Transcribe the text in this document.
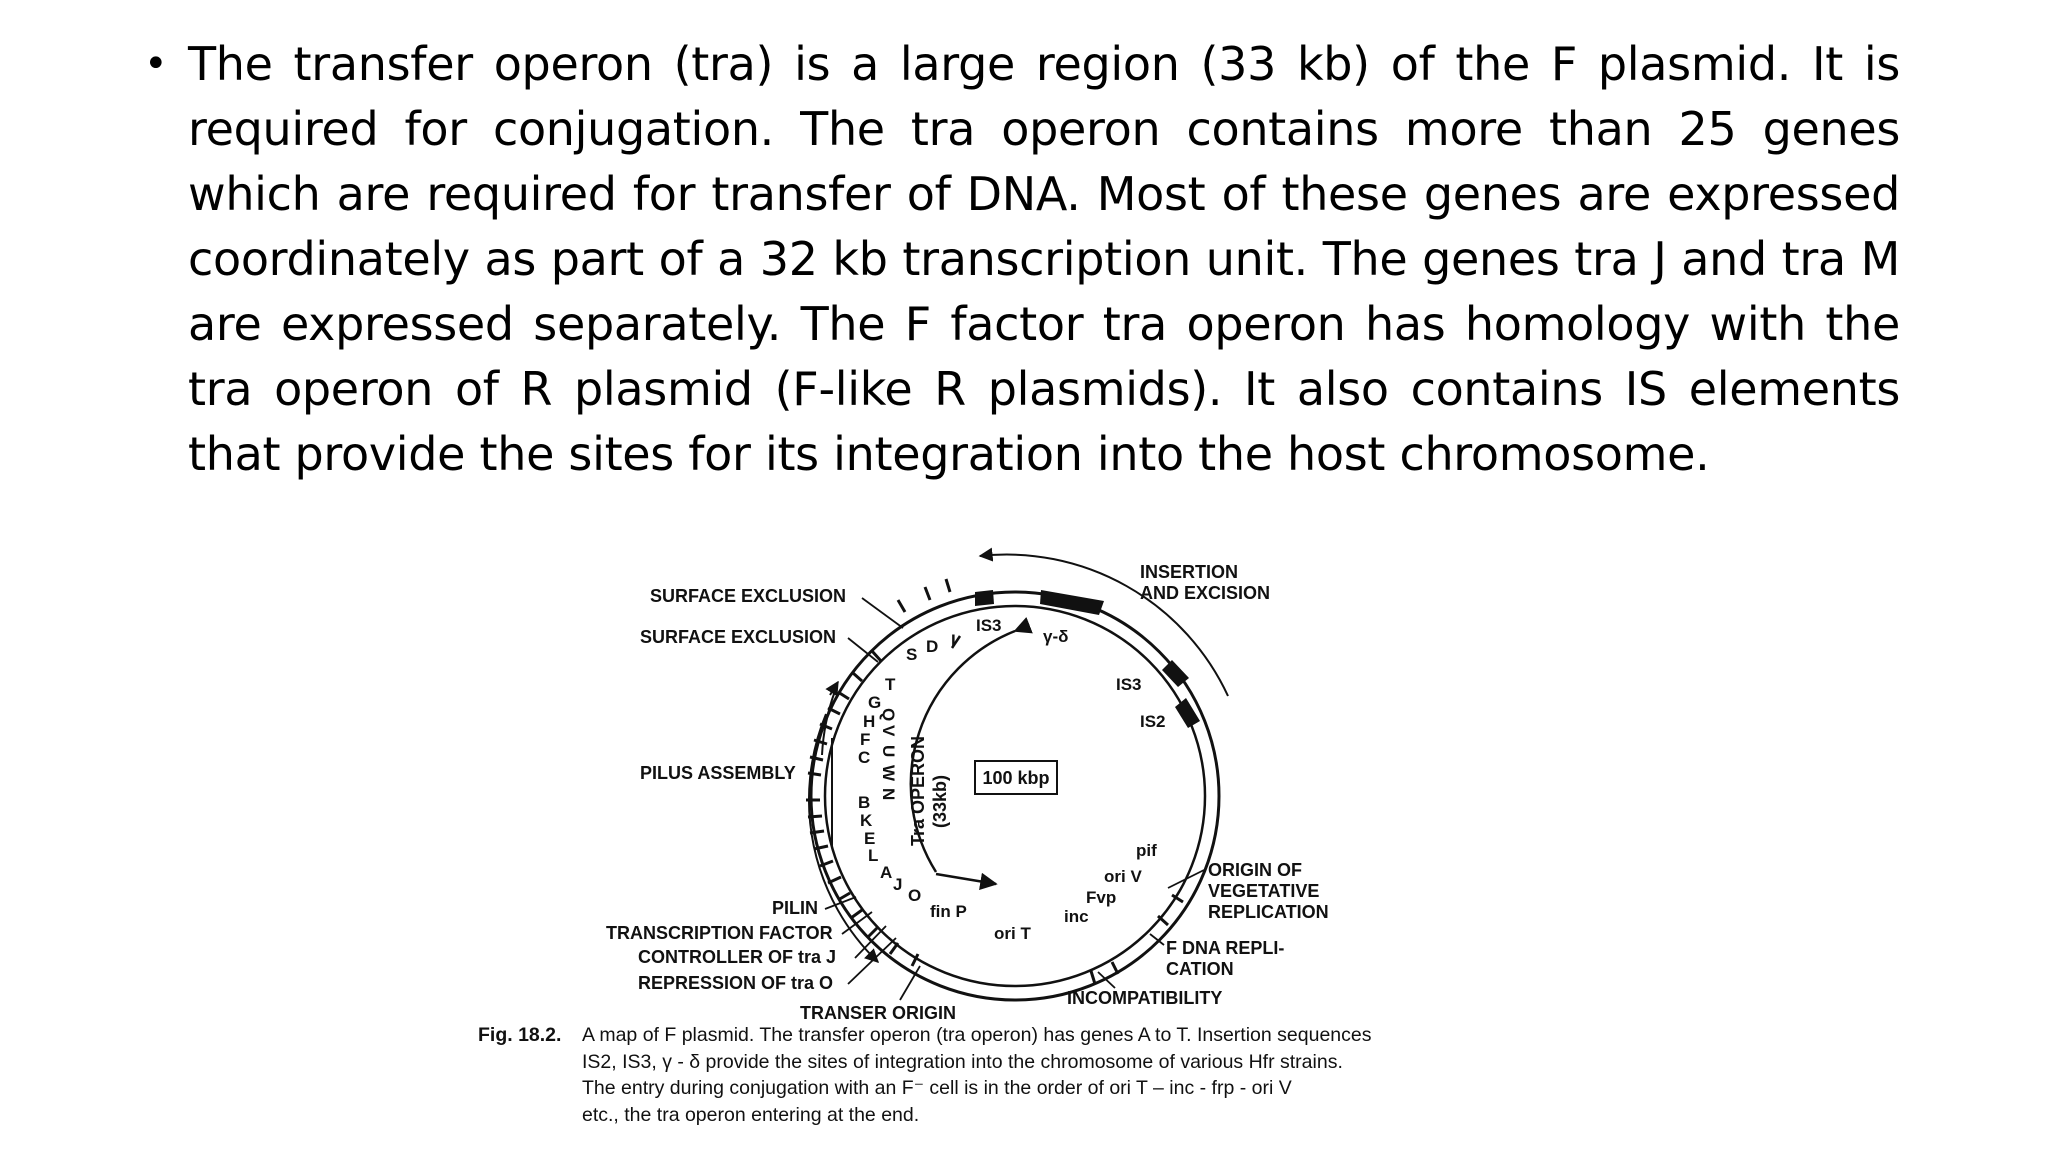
• The transfer operon (tra) is a large region (33 kb) of the F plasmid. It is required for conjugation. The tra operon contains more than 25 genes which are required for transfer of DNA. Most of these genes are expressed coordinately as part of a 32 kb transcription unit. The genes tra J and tra M are expressed separately. The F factor tra operon has homology with the tra operon of R plasmid (F-like R plasmids). It also contains IS elements that provide the sites for its integration into the host chromosome.
100 kbp
Tra OPERON (33kb)
S D I
T
G
H
F
C
B
K
E
L
A
J
O
Q
V
U
W
N
IS3
γ-δ
IS3
IS2
pif
ori V
Fvp
inc
ori T
fin P
SURFACE EXCLUSION
SURFACE EXCLUSION
PILUS ASSEMBLY
PILIN
TRANSCRIPTION FACTOR
CONTROLLER OF tra J
REPRESSION OF tra O
TRANSER ORIGIN
INCOMPATIBILITY
F DNA REPLI-
CATION
ORIGIN OF
VEGETATIVE
REPLICATION
INSERTION
AND EXCISION
Fig. 18.2.	A map of F plasmid. The transfer operon (tra operon) has genes A to T. Insertion sequences
IS2, IS3, γ - δ provide the sites of integration into the chromosome of various Hfr strains.
The entry during conjugation with an F⁻ cell is in the order of ori T – inc - frp - ori V
etc., the tra operon entering at the end.
